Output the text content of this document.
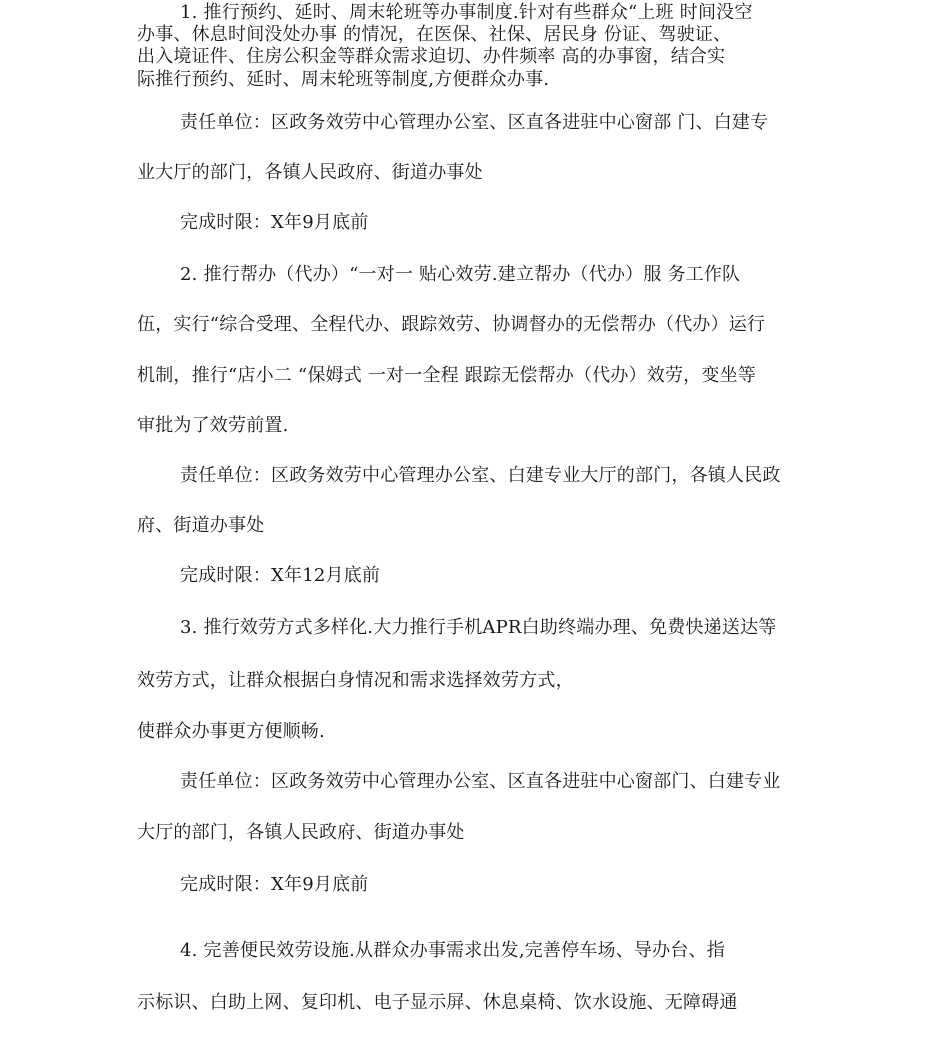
1. 推行预约、延时、周末轮班等办事制度.针对有些群众“上班 时间没空
办事、休息时间没处办事 的情况，在医保、社保、居民身 份证、驾驶证、
出入境证件、住房公积金等群众需求迫切、办件频率 高的办事窗，结合实
际推行预约、延时、周末轮班等制度,方便群众办事.
责任单位：区政务效劳中心管理办公室、区直各进驻中心窗部 门、白建专
业大厅的部门，各镇人民政府、街道办事处
完成时限：X年9月底前
2. 推行帮办（代办）“一对一 贴心效劳.建立帮办（代办）服 务工作队
伍，实行“综合受理、全程代办、跟踪效劳、协调督办的无偿帮办（代办）运行
机制，推行“店小二 “保姆式 一对一全程 跟踪无偿帮办（代办）效劳，变坐等
审批为了效劳前置.
责任单位：区政务效劳中心管理办公室、白建专业大厅的部门，各镇人民政
府、街道办事处
完成时限：X年12月底前
3. 推行效劳方式多样化.大力推行手机APR白助终端办理、免费快递送达等
效劳方式，让群众根据白身情况和需求选择效劳方式，
使群众办事更方便顺畅.
责任单位：区政务效劳中心管理办公室、区直各进驻中心窗部门、白建专业
大厅的部门，各镇人民政府、街道办事处
完成时限：X年9月底前
4. 完善便民效劳设施.从群众办事需求出发,完善停车场、导办台、指
示标识、白助上网、复印机、电子显示屏、休息桌椅、饮水设施、无障碍通
